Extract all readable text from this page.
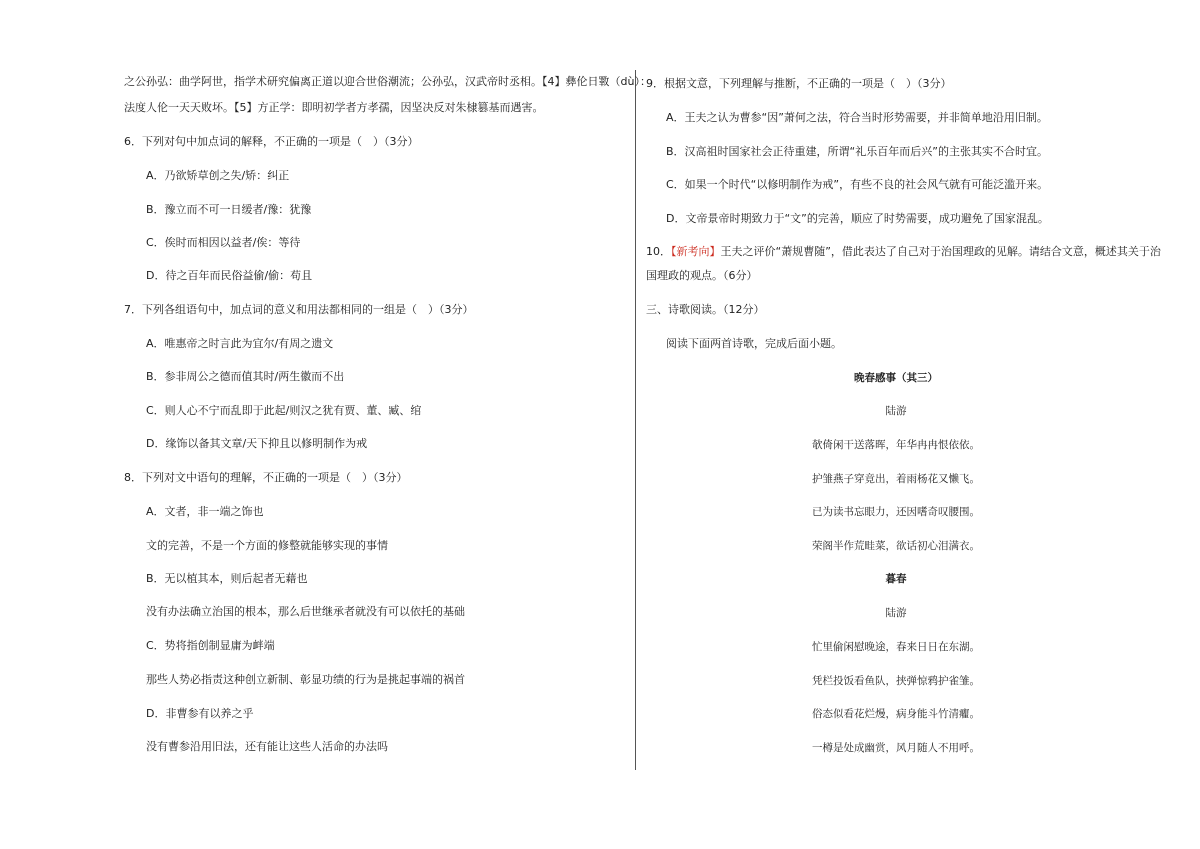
之公孙弘：曲学阿世，指学术研究偏离正道以迎合世俗潮流；公孙弘，汉武帝时丞相。【4】彝伦日斁（dù）：
法度人伦一天天败坏。【5】方正学：即明初学者方孝孺，因坚决反对朱棣篡基而遇害。
6．下列对句中加点词的解释，不正确的一项是（　）（3分）
A．乃欲矫草创之失/矫：纠正
B．豫立而不可一日缓者/豫：犹豫
C．俟时而相因以益者/俟：等待
D．待之百年而民俗益偷/偷：苟且
7．下列各组语句中，加点词的意义和用法都相同的一组是（　）（3分）
A．唯惠帝之时言此为宜尔/有周之遗文
B．参非周公之德而值其时/两生徽而不出
C．则人心不宁而乱即于此起/则汉之犹有贾、董、臧、绾
D．缘饰以备其文章/天下抑且以修明制作为戒
8．下列对文中语句的理解，不正确的一项是（　）（3分）
A．文者，非一端之饰也
文的完善，不是一个方面的修整就能够实现的事情
B．无以植其本，则后起者无藉也
没有办法确立治国的根本，那么后世继承者就没有可以依托的基础
C．势将指创制显庸为衅端
那些人势必指责这种创立新制、彰显功绩的行为是挑起事端的祸首
D．非曹参有以养之乎
没有曹参沿用旧法，还有能让这些人活命的办法吗
9．根据文意，下列理解与推断，不正确的一项是（　）（3分）
A．王夫之认为曹参“因”萧何之法，符合当时形势需要，并非简单地沿用旧制。
B．汉高祖时国家社会正待重建，所谓“礼乐百年而后兴”的主张其实不合时宜。
C．如果一个时代“以修明制作为戒”，有些不良的社会风气就有可能泛滥开来。
D．文帝景帝时期致力于“文”的完善，顺应了时势需要，成功避免了国家混乱。
10．【新考向】王夫之评价“萧规曹随”，借此表达了自己对于治国理政的见解。请结合文意，概述其关于治
国理政的观点。（6分）
三、诗歌阅读。（12分）
阅读下面两首诗歌，完成后面小题。
晚春感事（其三）
陆游
欹倚闲干送落晖，年华冉冉恨依依。
护雏燕子穿竟出，着雨杨花又懒飞。
已为读书忘眼力，还因嗜奇叹腰围。
荣阁半作荒畦菜，欲话初心泪满衣。
暮春
陆游
忙里偷闲慰晚途，春来日日在东湖。
凭栏投饭看鱼队，挟弹惊鸦护雀雏。
俗态似看花烂熳，病身能斗竹清癯。
一樽是处成幽赏，风月随人不用呼。
